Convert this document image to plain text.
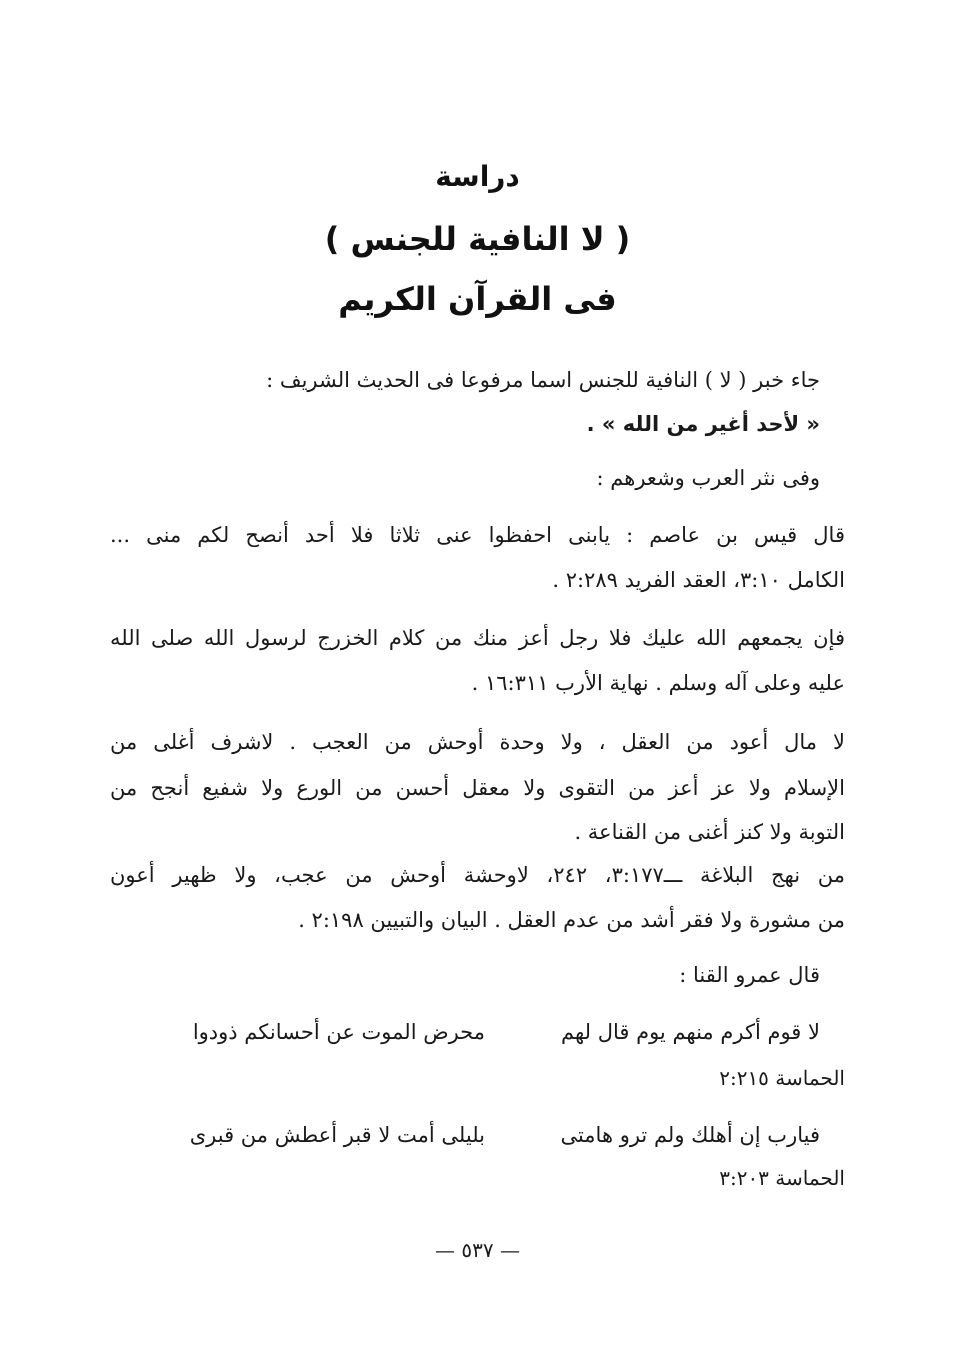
دراسة
( لا النافية للجنس )
فى القرآن الكريم
جاء خبر ( لا ) النافية للجنس اسما مرفوعا فى الحديث الشريف :
« لأحد أغير من الله » .
وفى نثر العرب وشعرهم :
قال قيس بن عاصم : يابنى احفظوا عنى ثلاثا فلا أحد أنصح لكم منى ...
الكامل ٣:١٠، العقد الفريد ٢:٢٨٩ .
فإن يجمعهم الله عليك فلا رجل أعز منك من كلام الخزرج لرسول الله صلى الله
عليه وعلى آله وسلم . نهاية الأرب ١٦:٣١١ .
لا مال أعود من العقل ، ولا وحدة أوحش من العجب . لاشرف أغلى من
الإسلام ولا عز أعز من التقوى ولا معقل أحسن من الورع ولا شفيع أنجح من
التوبة ولا كنز أغنى من القناعة .
من نهج البلاغة ـــ٣:١٧٧، ٢٤٢، لاوحشة أوحش من عجب، ولا ظهير أعون
من مشورة ولا فقر أشد من عدم العقل . البيان والتبيين ٢:١٩٨ .
قال عمرو القنا :
لا قوم أكرم منهم يوم قال لهم
محرض الموت عن أحسانكم ذودوا
الحماسة ٢:٢١٥
فيارب إن أهلك ولم ترو هامتى
بليلى أمت لا قبر أعطش من قبرى
الحماسة ٣:٢٠٣
— ٥٣٧ —
